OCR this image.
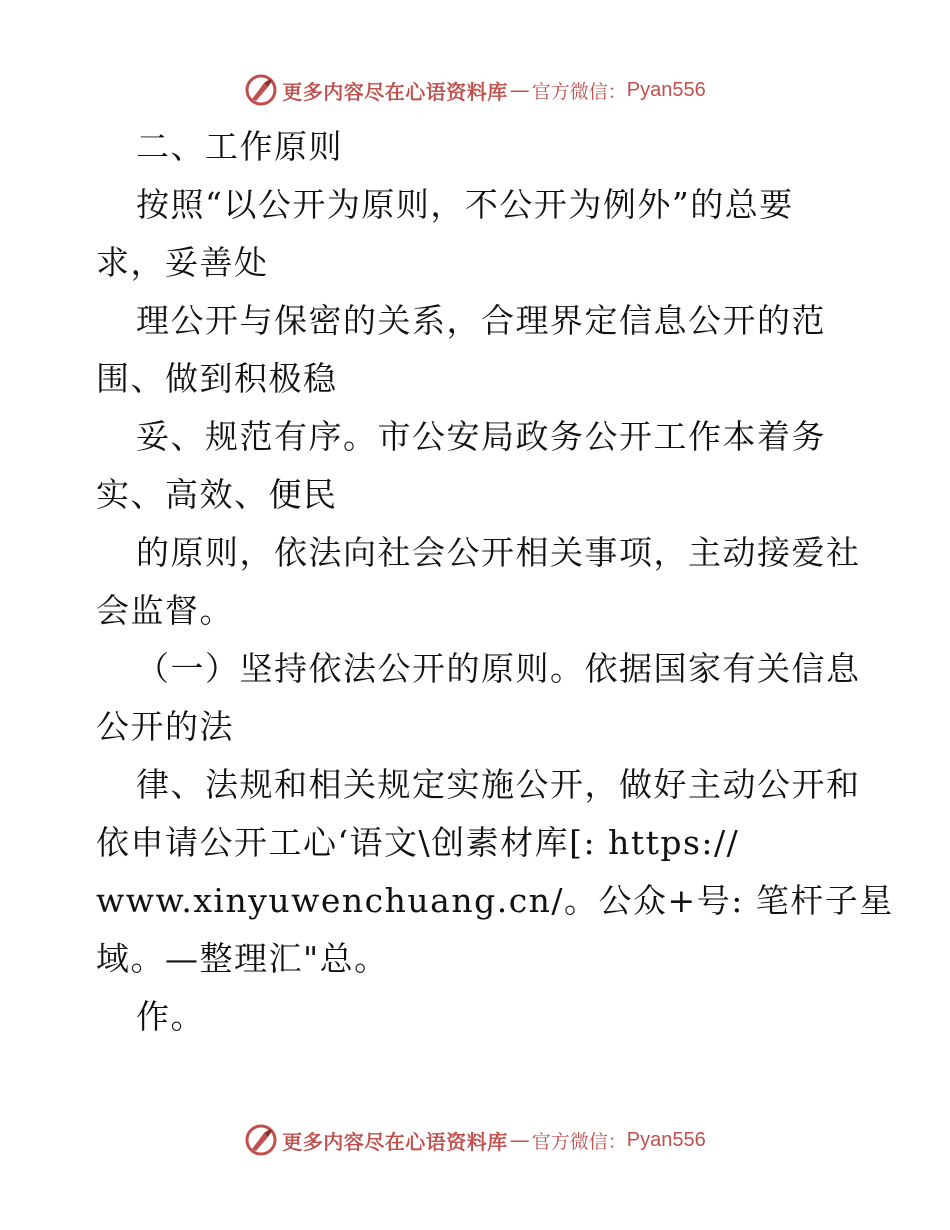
更多内容尽在心语资料库 — 官方微信： Pyan556
二、工作原则
按照“以公开为原则，不公开为例外”的总要
求，妥善处
理公开与保密的关系，合理界定信息公开的范
围、做到积极稳
妥、规范有序。市公安局政务公开工作本着务
实、高效、便民
的原则，依法向社会公开相关事项，主动接爱社
会监督。
（一）坚持依法公开的原则。依据国家有关信息
公开的法
律、法规和相关规定实施公开，做好主动公开和
依申请公开工心‘语文\创素材库[: https://
www.xinyuwenchuang.cn/。公众+号: 笔杆子星
域。—整理汇"总。
作。
更多内容尽在心语资料库 — 官方微信： Pyan556
